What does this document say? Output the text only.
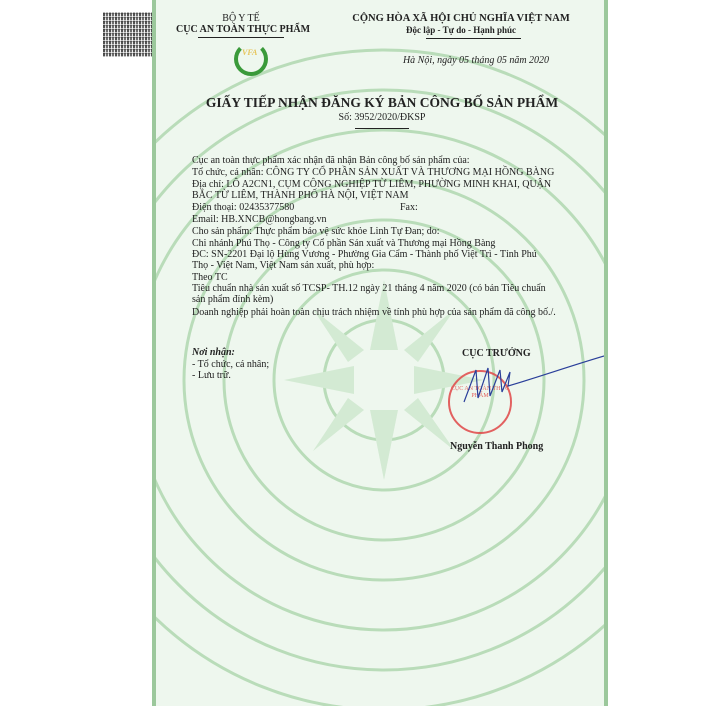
BỘ Y TẾ
CỤC AN TOÀN THỰC PHẨM
VFA
CỘNG HÒA XÃ HỘI CHỦ NGHĨA VIỆT NAM
Độc lập - Tự do - Hạnh phúc
Hà Nội, ngày 05 tháng 05 năm 2020
GIẤY TIẾP NHẬN ĐĂNG KÝ BẢN CÔNG BỐ SẢN PHẨM
Số: 3952/2020/ĐKSP
Cục an toàn thực phẩm xác nhận đã nhận Bản công bố sản phẩm của:
Tổ chức, cá nhân: CÔNG TY CỔ PHẦN SẢN XUẤT VÀ THƯƠNG MẠI HỒNG BÀNG
Địa chỉ: LÔ A2CN1, CỤM CÔNG NGHIỆP TỪ LIÊM, PHƯỜNG MINH KHAI, QUẬN
BẮC TỪ LIÊM, THÀNH PHỐ HÀ NỘI, VIỆT NAM
Điện thoại: 02435377580	Fax:
Email: HB.XNCB@hongbang.vn
Cho sản phẩm: Thực phẩm bảo vệ sức khỏe Linh Tự Đan; do:
Chi nhánh Phú Thọ - Công ty Cổ phần Sản xuất và Thương mại Hồng Bàng
ĐC: SN-2201 Đại lộ Hùng Vương - Phường Gia Cẩm - Thành phố Việt Trì - Tỉnh Phú
Thọ - Việt Nam, Việt Nam sản xuất, phù hợp:
Theo TC
Tiêu chuẩn nhà sản xuất số TCSP- TH.12 ngày 21 tháng 4 năm 2020 (có bản Tiêu chuẩn
sản phẩm đính kèm)
Doanh nghiệp phải hoàn toàn chịu trách nhiệm về tính phù hợp của sản phẩm đã công bố./.
Nơi nhận:
- Tổ chức, cá nhân;
- Lưu trữ.
CỤC TRƯỞNG
CỤC AN TOÀN THỰC PHẨM
Nguyễn Thanh Phong
